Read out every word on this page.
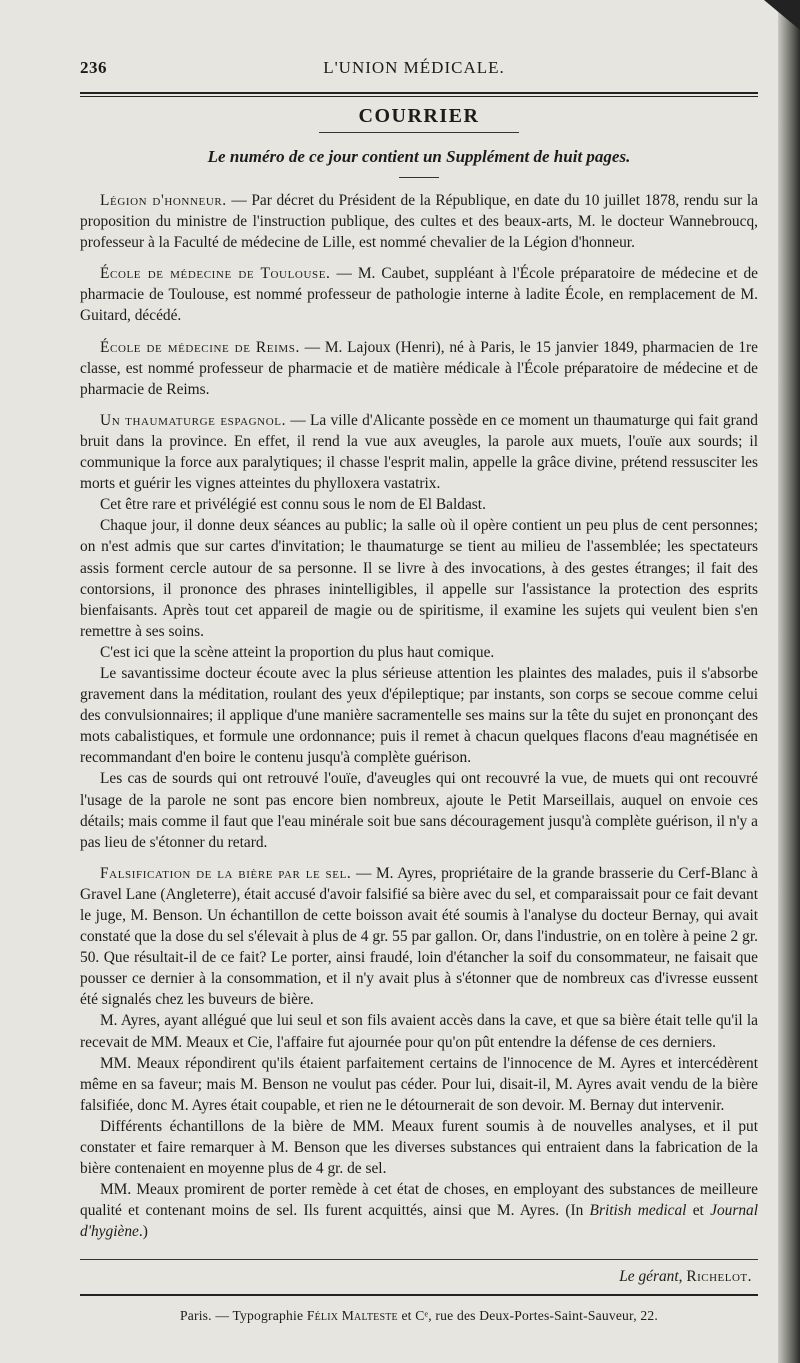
236	L'UNION MÉDICALE.
COURRIER
Le numéro de ce jour contient un Supplément de huit pages.

Légion d'honneur. — Par décret du Président de la République, en date du 10 juillet 1878, rendu sur la proposition du ministre de l'instruction publique, des cultes et des beaux-arts, M. le docteur Wannebroucq, professeur à la Faculté de médecine de Lille, est nommé chevalier de la Légion d'honneur.

École de médecine de Toulouse. — M. Caubet, suppléant à l'École préparatoire de médecine et de pharmacie de Toulouse, est nommé professeur de pathologie interne à ladite École, en remplacement de M. Guitard, décédé.

École de médecine de Reims. — M. Lajoux (Henri), né à Paris, le 15 janvier 1849, pharmacien de 1re classe, est nommé professeur de pharmacie et de matière médicale à l'École préparatoire de médecine et de pharmacie de Reims.

Un thaumaturge espagnol. — La ville d'Alicante possède en ce moment un thaumaturge qui fait grand bruit dans la province. En effet, il rend la vue aux aveugles, la parole aux muets, l'ouïe aux sourds; il communique la force aux paralytiques; il chasse l'esprit malin, appelle la grâce divine, prétend ressusciter les morts et guérir les vignes atteintes du phylloxera vastatrix.

Cet être rare et privélégié est connu sous le nom de El Baldast.

Chaque jour, il donne deux séances au public; la salle où il opère contient un peu plus de cent personnes; on n'est admis que sur cartes d'invitation; le thaumaturge se tient au milieu de l'assemblée; les spectateurs assis forment cercle autour de sa personne. Il se livre à des invocations, à des gestes étranges; il fait des contorsions, il prononce des phrases inintelligibles, il appelle sur l'assistance la protection des esprits bienfaisants. Après tout cet appareil de magie ou de spiritisme, il examine les sujets qui veulent bien s'en remettre à ses soins.

C'est ici que la scène atteint la proportion du plus haut comique.

Le savantissime docteur écoute avec la plus sérieuse attention les plaintes des malades, puis il s'absorbe gravement dans la méditation, roulant des yeux d'épileptique; par instants, son corps se secoue comme celui des convulsionnaires; il applique d'une manière sacramentelle ses mains sur la tête du sujet en prononçant des mots cabalistiques, et formule une ordonnance; puis il remet à chacun quelques flacons d'eau magnétisée en recommandant d'en boire le contenu jusqu'à complète guérison.

Les cas de sourds qui ont retrouvé l'ouïe, d'aveugles qui ont recouvré la vue, de muets qui ont recouvré l'usage de la parole ne sont pas encore bien nombreux, ajoute le Petit Marseillais, auquel on envoie ces détails; mais comme il faut que l'eau minérale soit bue sans découragement jusqu'à complète guérison, il n'y a pas lieu de s'étonner du retard.

Falsification de la bière par le sel. — M. Ayres, propriétaire de la grande brasserie du Cerf-Blanc à Gravel Lane (Angleterre), était accusé d'avoir falsifié sa bière avec du sel, et comparaissait pour ce fait devant le juge, M. Benson. Un échantillon de cette boisson avait été soumis à l'analyse du docteur Bernay, qui avait constaté que la dose du sel s'élevait à plus de 4 gr. 55 par gallon. Or, dans l'industrie, on en tolère à peine 2 gr. 50. Que résultait-il de ce fait? Le porter, ainsi fraudé, loin d'étancher la soif du consommateur, ne faisait que pousser ce dernier à la consommation, et il n'y avait plus à s'étonner que de nombreux cas d'ivresse eussent été signalés chez les buveurs de bière.

M. Ayres, ayant allégué que lui seul et son fils avaient accès dans la cave, et que sa bière était telle qu'il la recevait de MM. Meaux et Cie, l'affaire fut ajournée pour qu'on pût entendre la défense de ces derniers.

MM. Meaux répondirent qu'ils étaient parfaitement certains de l'innocence de M. Ayres et intercédèrent même en sa faveur; mais M. Benson ne voulut pas céder. Pour lui, disait-il, M. Ayres avait vendu de la bière falsifiée, donc M. Ayres était coupable, et rien ne le détournerait de son devoir. M. Bernay dut intervenir.

Différents échantillons de la bière de MM. Meaux furent soumis à de nouvelles analyses, et il put constater et faire remarquer à M. Benson que les diverses substances qui entraient dans la fabrication de la bière contenaient en moyenne plus de 4 gr. de sel.

MM. Meaux promirent de porter remède à cet état de choses, en employant des substances de meilleure qualité et contenant moins de sel. Ils furent acquittés, ainsi que M. Ayres. (In British medical et Journal d'hygiène.)

Le gérant, Richelot.
Paris. — Typographie Félix Malteste et Cᵉ, rue des Deux-Portes-Saint-Sauveur, 22.
